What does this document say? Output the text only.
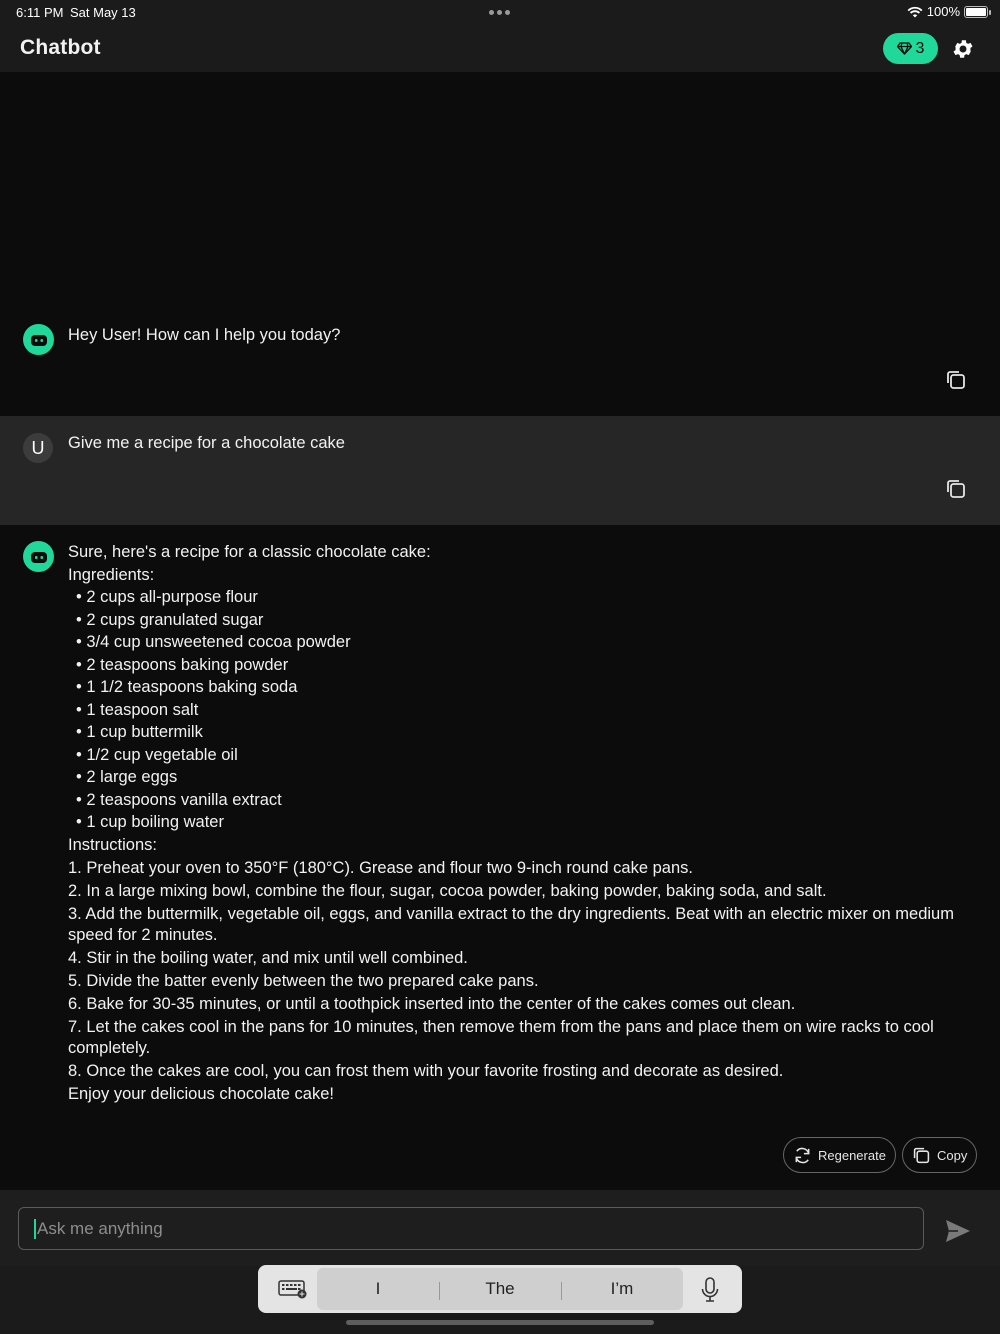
6:11 PM Sat May 13	100%
Chatbot	3
Hey User! How can I help you today?
U	Give me a recipe for a chocolate cake
Sure, here's a recipe for a classic chocolate cake:
Ingredients:
• 2 cups all-purpose flour
• 2 cups granulated sugar
• 3/4 cup unsweetened cocoa powder
• 2 teaspoons baking powder
• 1 1/2 teaspoons baking soda
• 1 teaspoon salt
• 1 cup buttermilk
• 1/2 cup vegetable oil
• 2 large eggs
• 2 teaspoons vanilla extract
• 1 cup boiling water
Instructions:
1. Preheat your oven to 350°F (180°C). Grease and flour two 9-inch round cake pans.
2. In a large mixing bowl, combine the flour, sugar, cocoa powder, baking powder, baking soda, and salt.
3. Add the buttermilk, vegetable oil, eggs, and vanilla extract to the dry ingredients. Beat with an electric mixer on medium speed for 2 minutes.
4. Stir in the boiling water, and mix until well combined.
5. Divide the batter evenly between the two prepared cake pans.
6. Bake for 30-35 minutes, or until a toothpick inserted into the center of the cakes comes out clean.
7. Let the cakes cool in the pans for 10 minutes, then remove them from the pans and place them on wire racks to cool completely.
8. Once the cakes are cool, you can frost them with your favorite frosting and decorate as desired.
Enjoy your delicious chocolate cake!
Regenerate	Copy
Ask me anything
I	The	I’m
